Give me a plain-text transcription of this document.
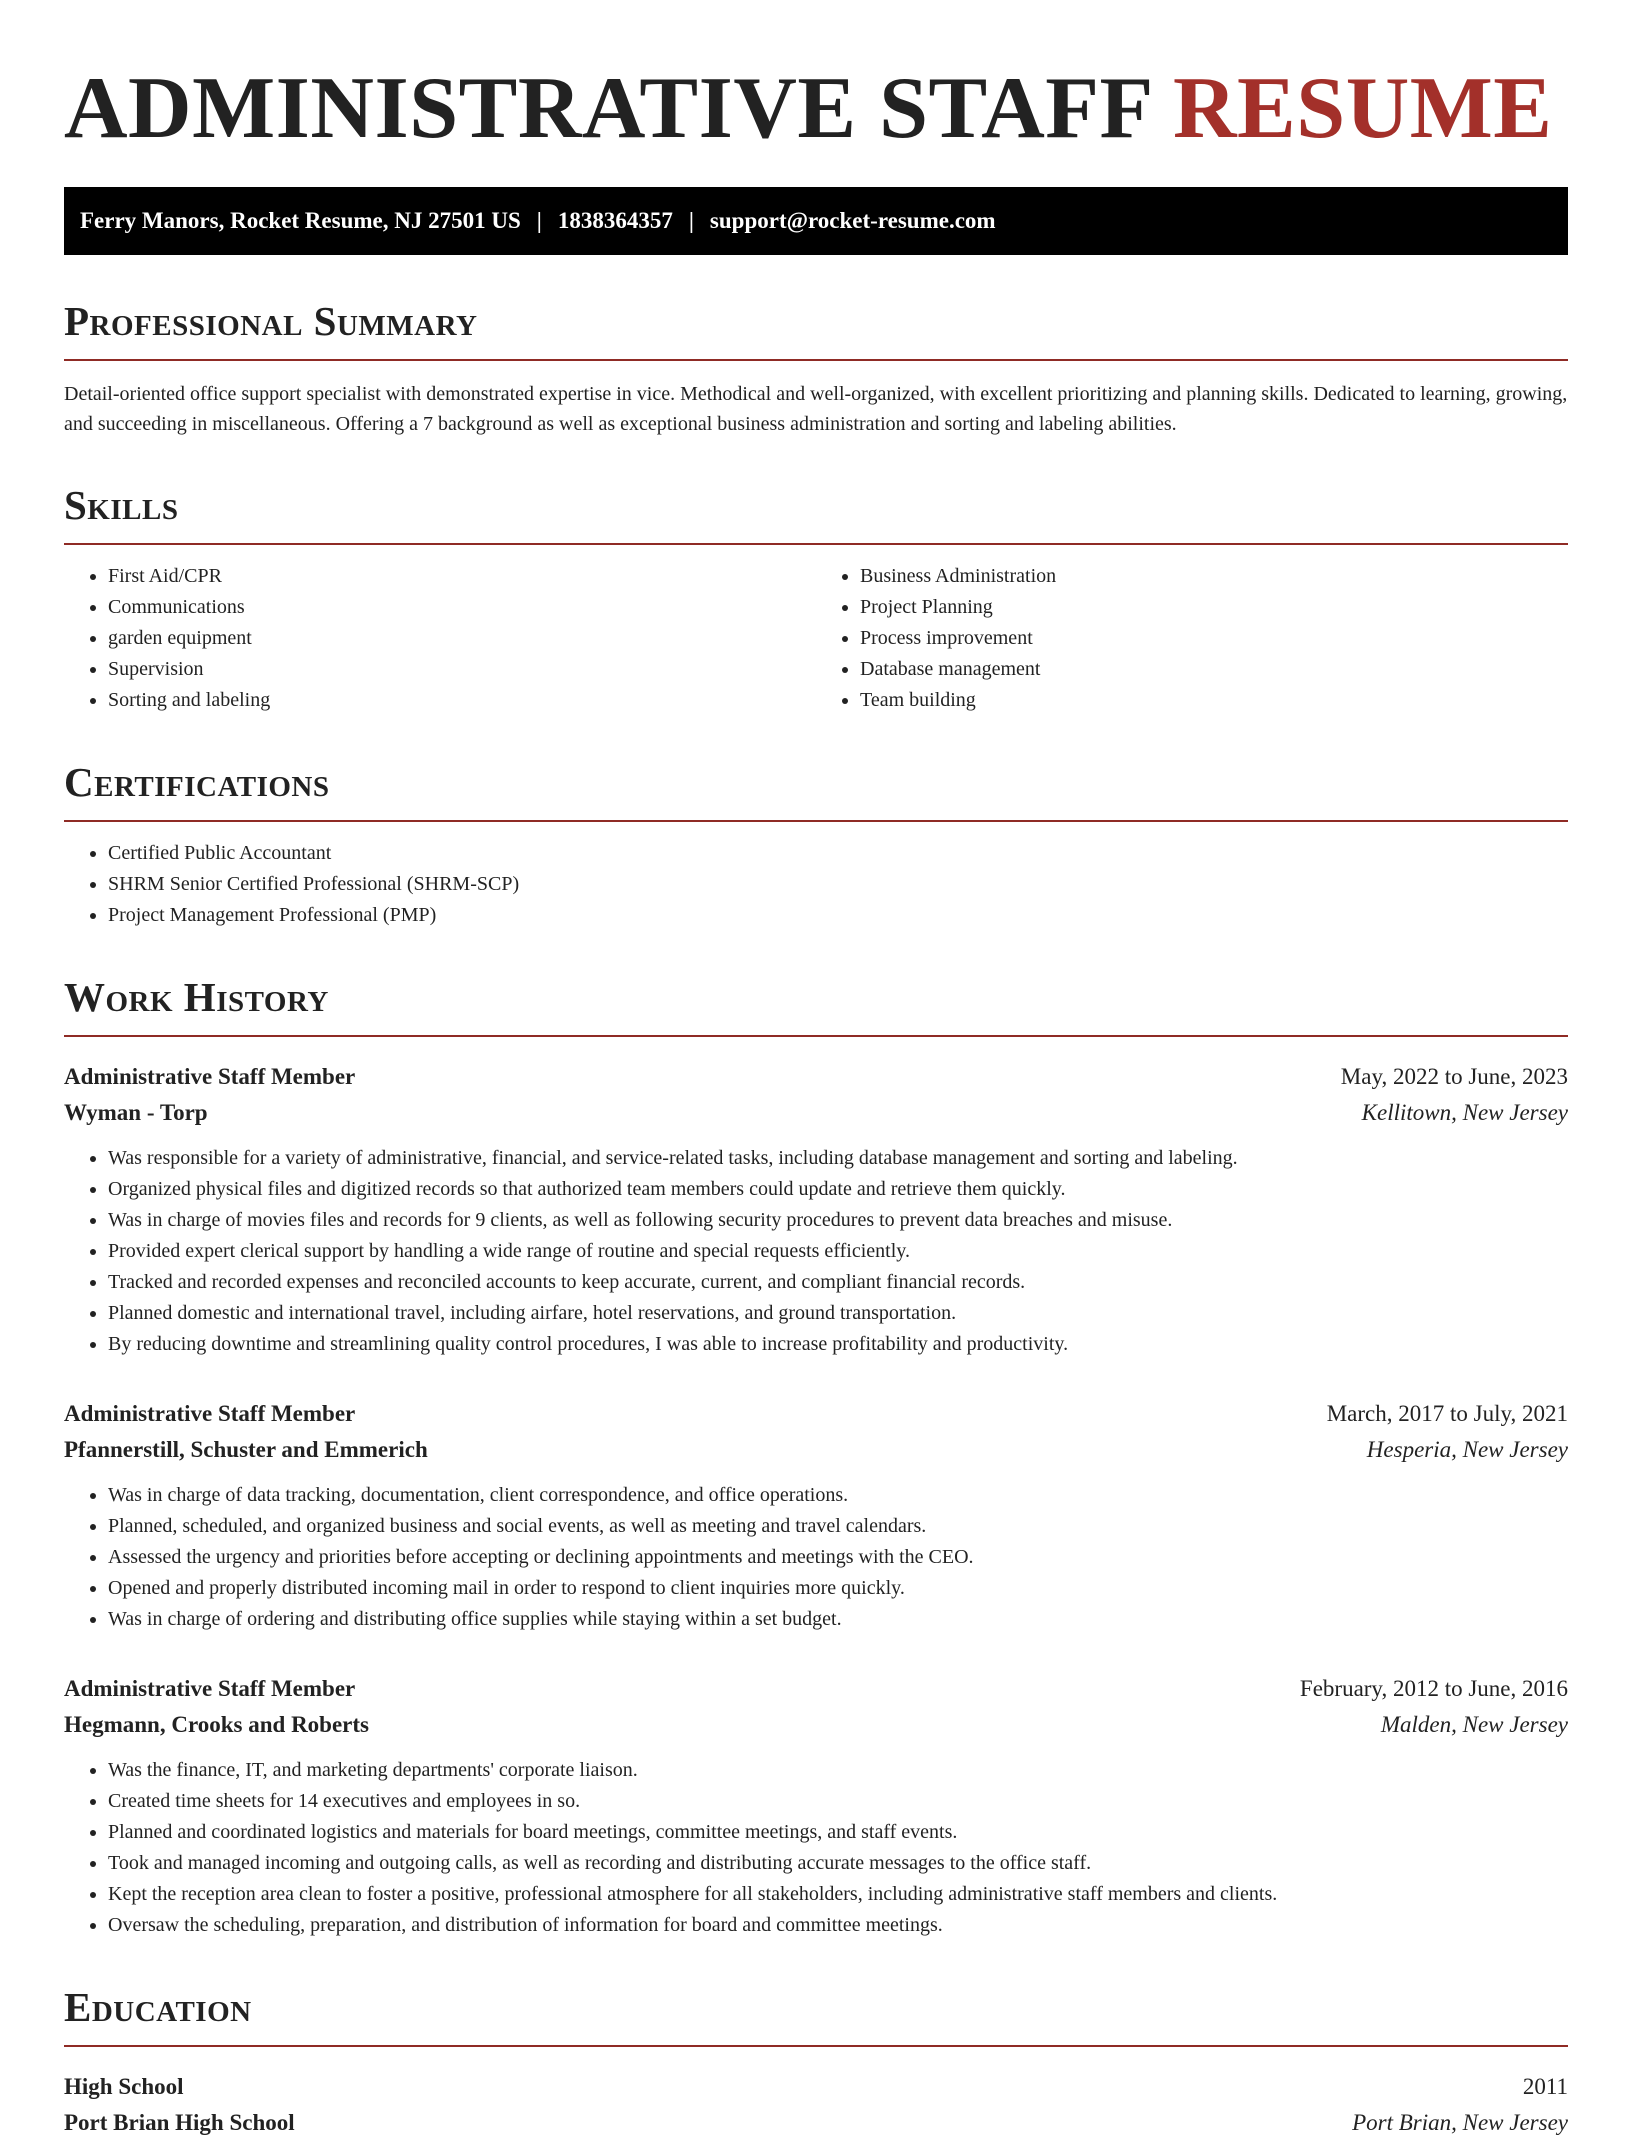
ADMINISTRATIVE STAFF RESUME
Ferry Manors, Rocket Resume, NJ 27501 US | 1838364357 | support@rocket-resume.com
Professional Summary

Detail-oriented office support specialist with demonstrated expertise in vice. Methodical and well-organized, with excellent prioritizing and planning skills. Dedicated to learning, growing, and succeeding in miscellaneous. Offering a 7 background as well as exceptional business administration and sorting and labeling abilities.

Skills
• First Aid/CPR
• Communications
• garden equipment
• Supervision
• Sorting and labeling
• Business Administration
• Project Planning
• Process improvement
• Database management
• Team building
Certifications
• Certified Public Accountant
• SHRM Senior Certified Professional (SHRM-SCP)
• Project Management Professional (PMP)
Work History
Administrative Staff Member	May, 2022 to June, 2023
Wyman - Torp	Kellitown, New Jersey
• Was responsible for a variety of administrative, financial, and service-related tasks, including database management and sorting and labeling.
• Organized physical files and digitized records so that authorized team members could update and retrieve them quickly.
• Was in charge of movies files and records for 9 clients, as well as following security procedures to prevent data breaches and misuse.
• Provided expert clerical support by handling a wide range of routine and special requests efficiently.
• Tracked and recorded expenses and reconciled accounts to keep accurate, current, and compliant financial records.
• Planned domestic and international travel, including airfare, hotel reservations, and ground transportation.
• By reducing downtime and streamlining quality control procedures, I was able to increase profitability and productivity.
Administrative Staff Member	March, 2017 to July, 2021
Pfannerstill, Schuster and Emmerich	Hesperia, New Jersey
• Was in charge of data tracking, documentation, client correspondence, and office operations.
• Planned, scheduled, and organized business and social events, as well as meeting and travel calendars.
• Assessed the urgency and priorities before accepting or declining appointments and meetings with the CEO.
• Opened and properly distributed incoming mail in order to respond to client inquiries more quickly.
• Was in charge of ordering and distributing office supplies while staying within a set budget.
Administrative Staff Member	February, 2012 to June, 2016
Hegmann, Crooks and Roberts	Malden, New Jersey
• Was the finance, IT, and marketing departments' corporate liaison.
• Created time sheets for 14 executives and employees in so.
• Planned and coordinated logistics and materials for board meetings, committee meetings, and staff events.
• Took and managed incoming and outgoing calls, as well as recording and distributing accurate messages to the office staff.
• Kept the reception area clean to foster a positive, professional atmosphere for all stakeholders, including administrative staff members and clients.
• Oversaw the scheduling, preparation, and distribution of information for board and committee meetings.
Education
High School	2011
Port Brian High School	Port Brian, New Jersey
